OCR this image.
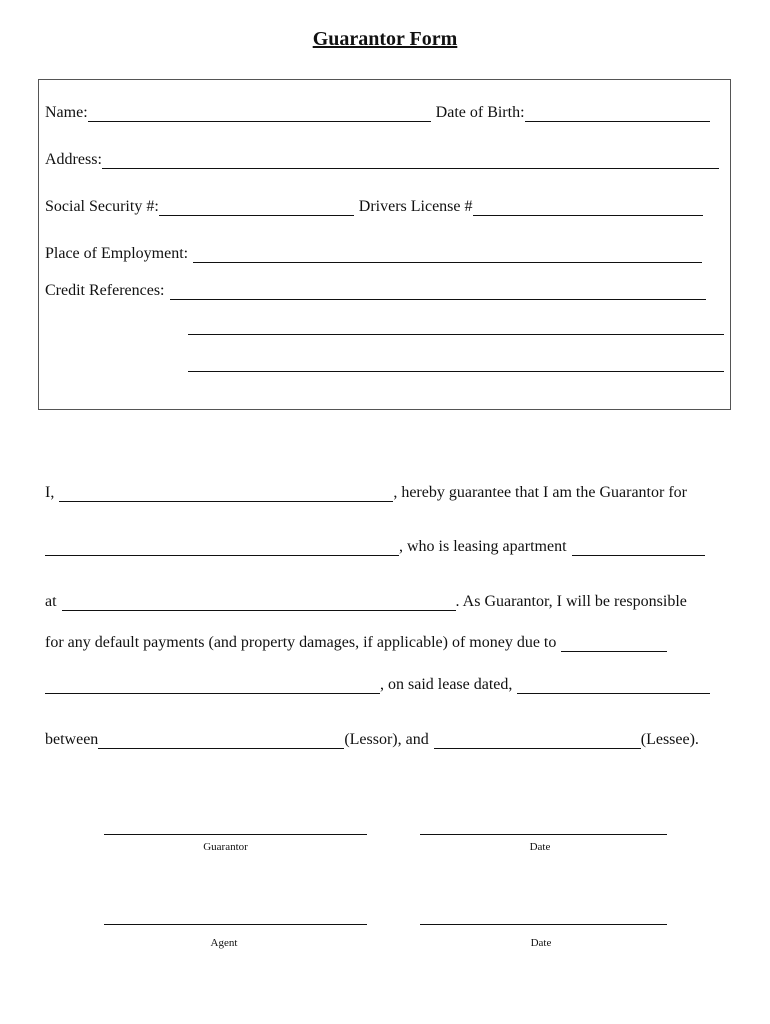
Guarantor Form
Name:	Date of Birth:
Address:
Social Security #:	Drivers License #
Place of Employment:
Credit References:
I,	, hereby guarantee that I am the Guarantor for
, who is leasing apartment
at	. As Guarantor, I will be responsible
for any default payments (and property damages, if applicable) of money due to
, on said lease dated,
between	(Lessor), and	(Lessee).
Guarantor	Date
Agent	Date
